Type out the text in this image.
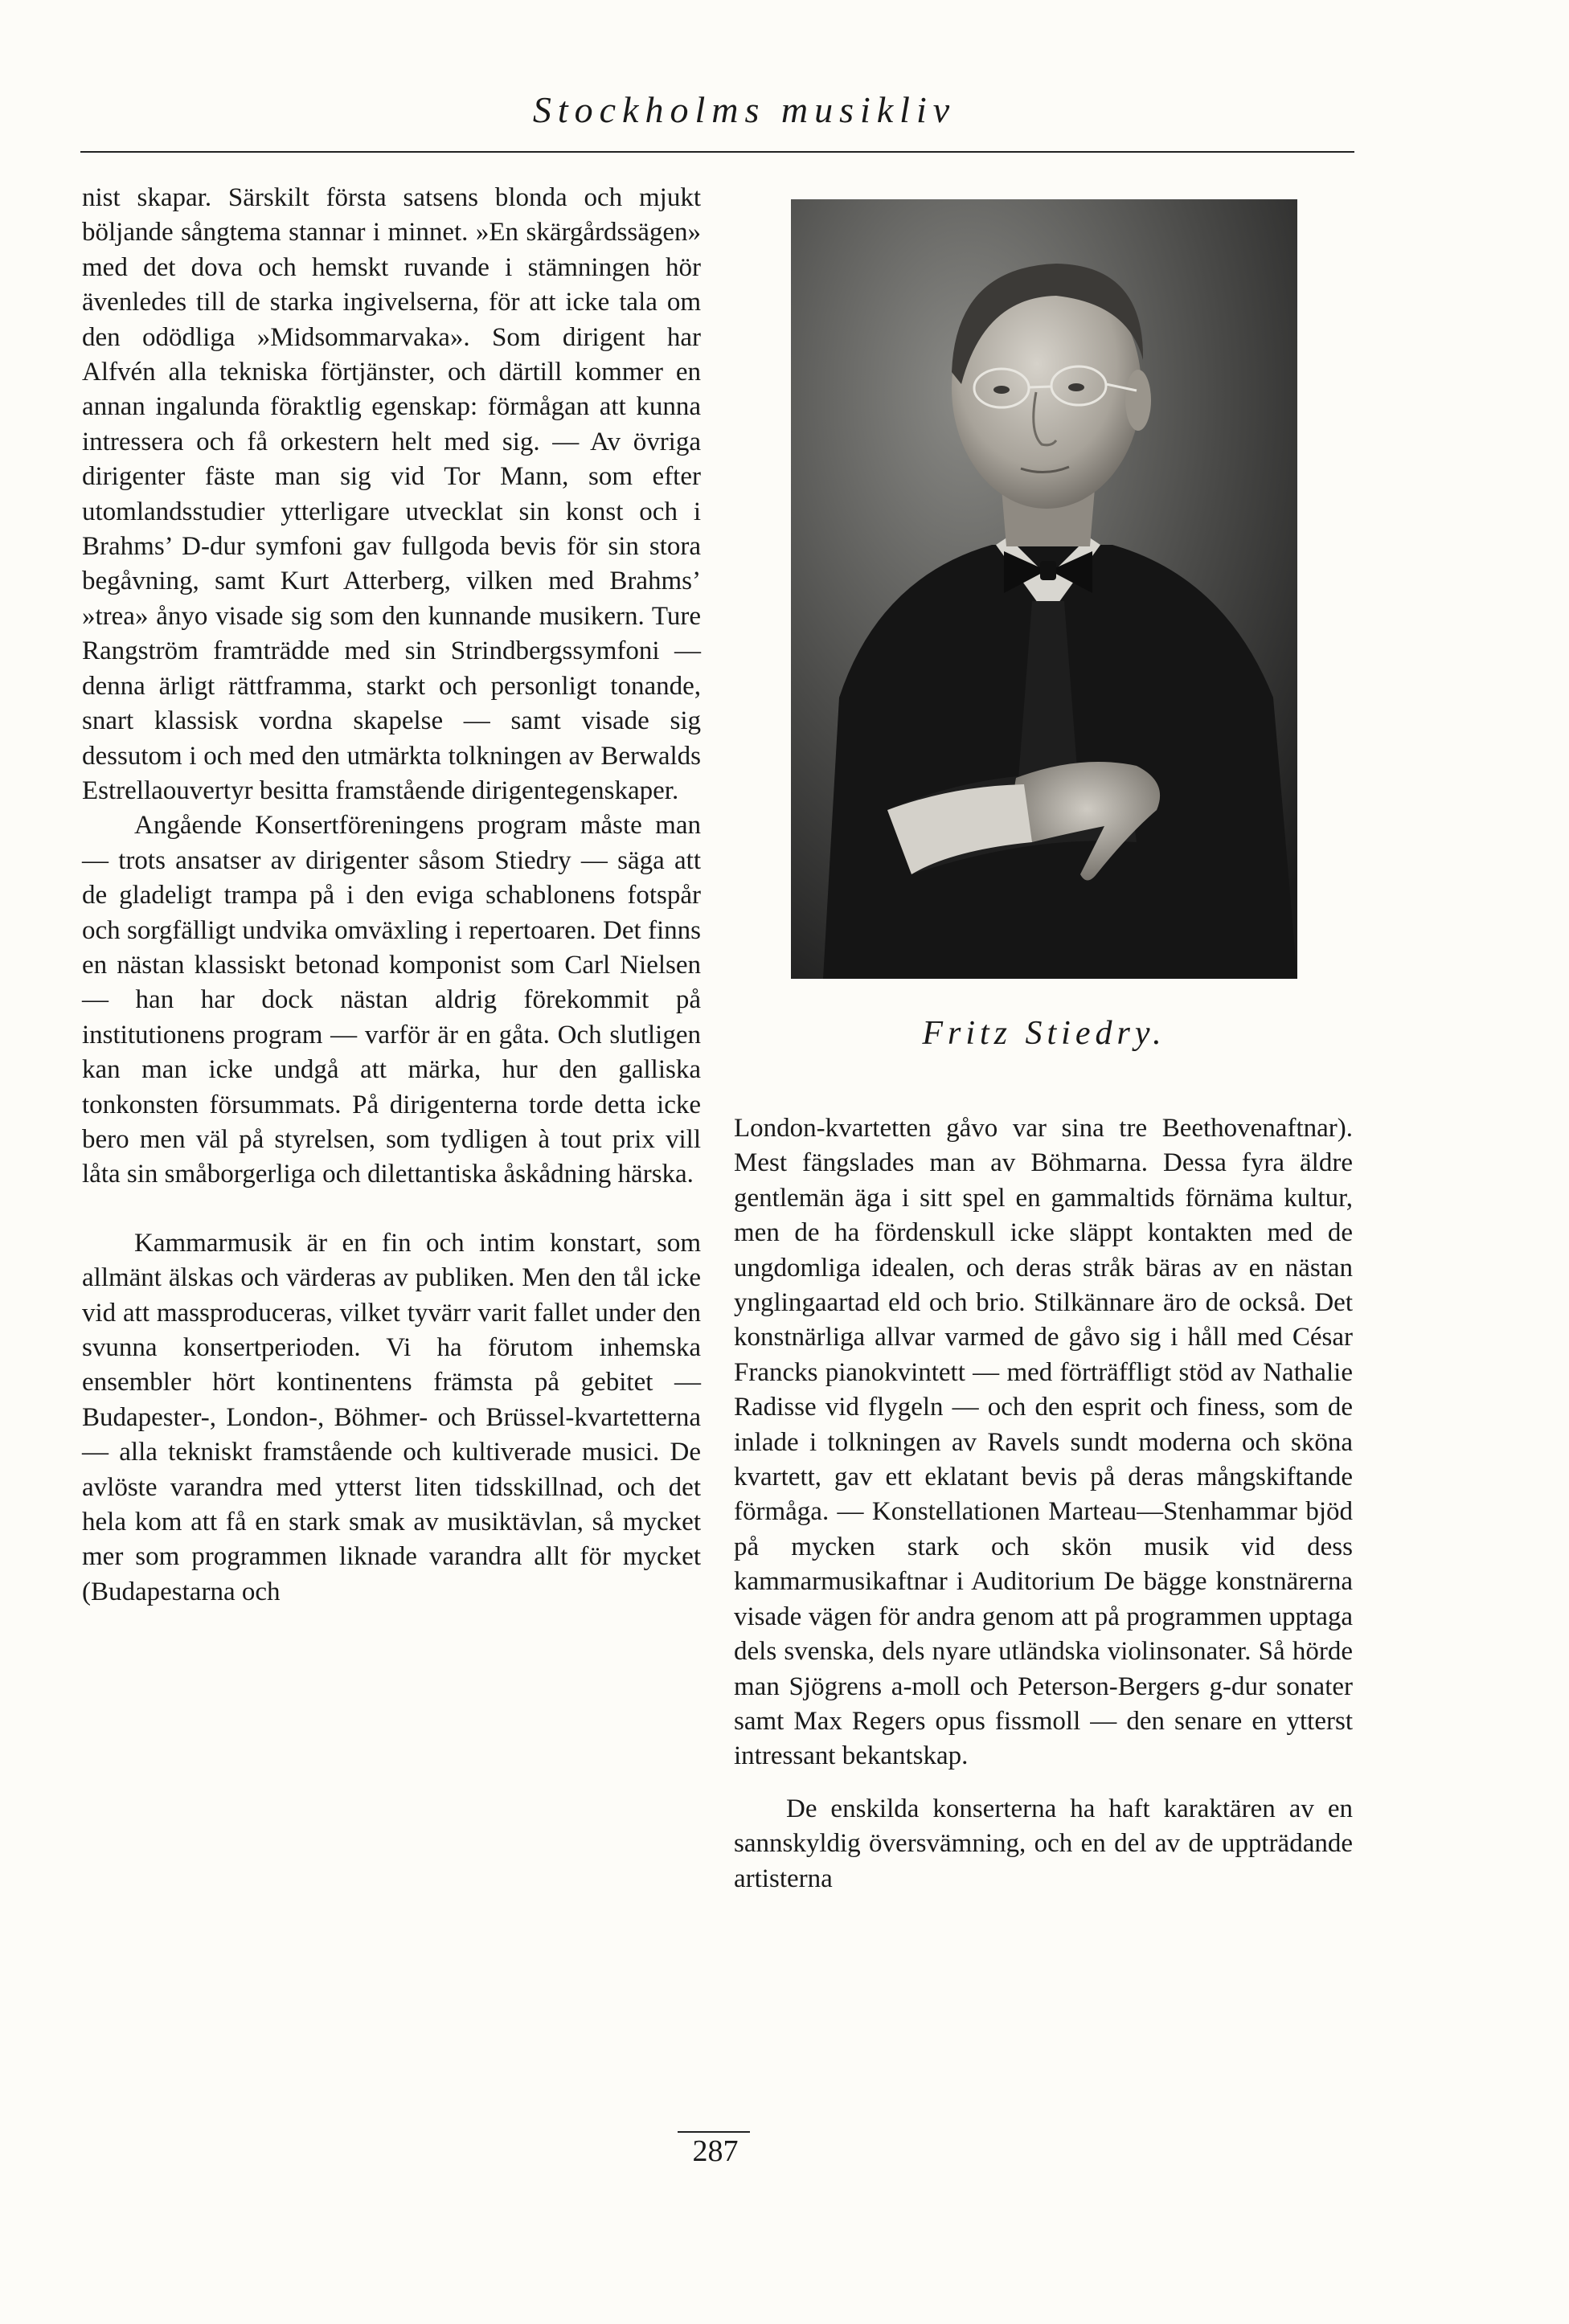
Stockholms musikliv

nist skapar. Särskilt första satsens blonda och mjukt böljande sångtema stannar i minnet. »En skärgårdssägen» med det dova och hemskt ruvande i stämningen hör ävenledes till de starka ingivelserna, för att icke tala om den odödliga »Midsommarvaka». Som dirigent har Alfvén alla tekniska förtjänster, och därtill kommer en annan ingalunda föraktlig egenskap: förmågan att kunna intressera och få orkestern helt med sig. — Av övriga dirigenter fäste man sig vid Tor Mann, som efter utomlandsstudier ytterligare utvecklat sin konst och i Brahms’ D-dur symfoni gav fullgoda bevis för sin stora begåvning, samt Kurt Atterberg, vilken med Brahms’ »trea» ånyo visade sig som den kunnande musikern. Ture Rangström framträdde med sin Strindbergssymfoni — denna ärligt rättframma, starkt och personligt tonande, snart klassisk vordna skapelse — samt visade sig dessutom i och med den utmärkta tolkningen av Berwalds Estrellaouvertyr besitta framstående dirigentegenskaper.

Angående Konsertföreningens program måste man — trots ansatser av dirigenter såsom Stiedry — säga att de gladeligt trampa på i den eviga schablonens fotspår och sorgfälligt undvika omväxling i repertoaren. Det finns en nästan klassiskt betonad komponist som Carl Nielsen — han har dock nästan aldrig förekommit på institutionens program — varför är en gåta. Och slutligen kan man icke undgå att märka, hur den galliska tonkonsten försummats. På dirigenterna torde detta icke bero men väl på styrelsen, som tydligen à tout prix vill låta sin småborgerliga och dilettantiska åskådning härska.

Kammarmusik är en fin och intim konstart, som allmänt älskas och värderas av publiken. Men den tål icke vid att massproduceras, vilket tyvärr varit fallet under den svunna konsertperioden. Vi ha förutom inhemska ensembler hört kontinentens främsta på gebitet — Budapester-, London-, Böhmer- och Brüssel-kvartetterna — alla tekniskt framstående och kultiverade musici. De avlöste varandra med ytterst liten tidsskillnad, och det hela kom att få en stark smak av musiktävlan, så mycket mer som programmen liknade varandra allt för mycket (Budapestarna och

Fritz Stiedry.

London-kvartetten gåvo var sina tre Beethovenaftnar). Mest fängslades man av Böhmarna. Dessa fyra äldre gentlemän äga i sitt spel en gammaltids förnäma kultur, men de ha fördenskull icke släppt kontakten med de ungdomliga idealen, och deras stråk bäras av en nästan ynglingaartad eld och brio. Stilkännare äro de också. Det konstnärliga allvar varmed de gåvo sig i håll med César Francks pianokvintett — med förträffligt stöd av Nathalie Radisse vid flygeln — och den esprit och finess, som de inlade i tolkningen av Ravels sundt moderna och sköna kvartett, gav ett eklatant bevis på deras mångskiftande förmåga. — Konstellationen Marteau—Stenhammar bjöd på mycken stark och skön musik vid dess kammarmusikaftnar i Auditorium De bägge konstnärerna visade vägen för andra genom att på programmen upptaga dels svenska, dels nyare utländska violinsonater. Så hörde man Sjögrens a-moll och Peterson-Bergers g-dur sonater samt Max Regers opus fissmoll — den senare en ytterst intressant bekantskap.

De enskilda konserterna ha haft karaktären av en sannskyldig översvämning, och en del av de uppträdande artisterna

287
